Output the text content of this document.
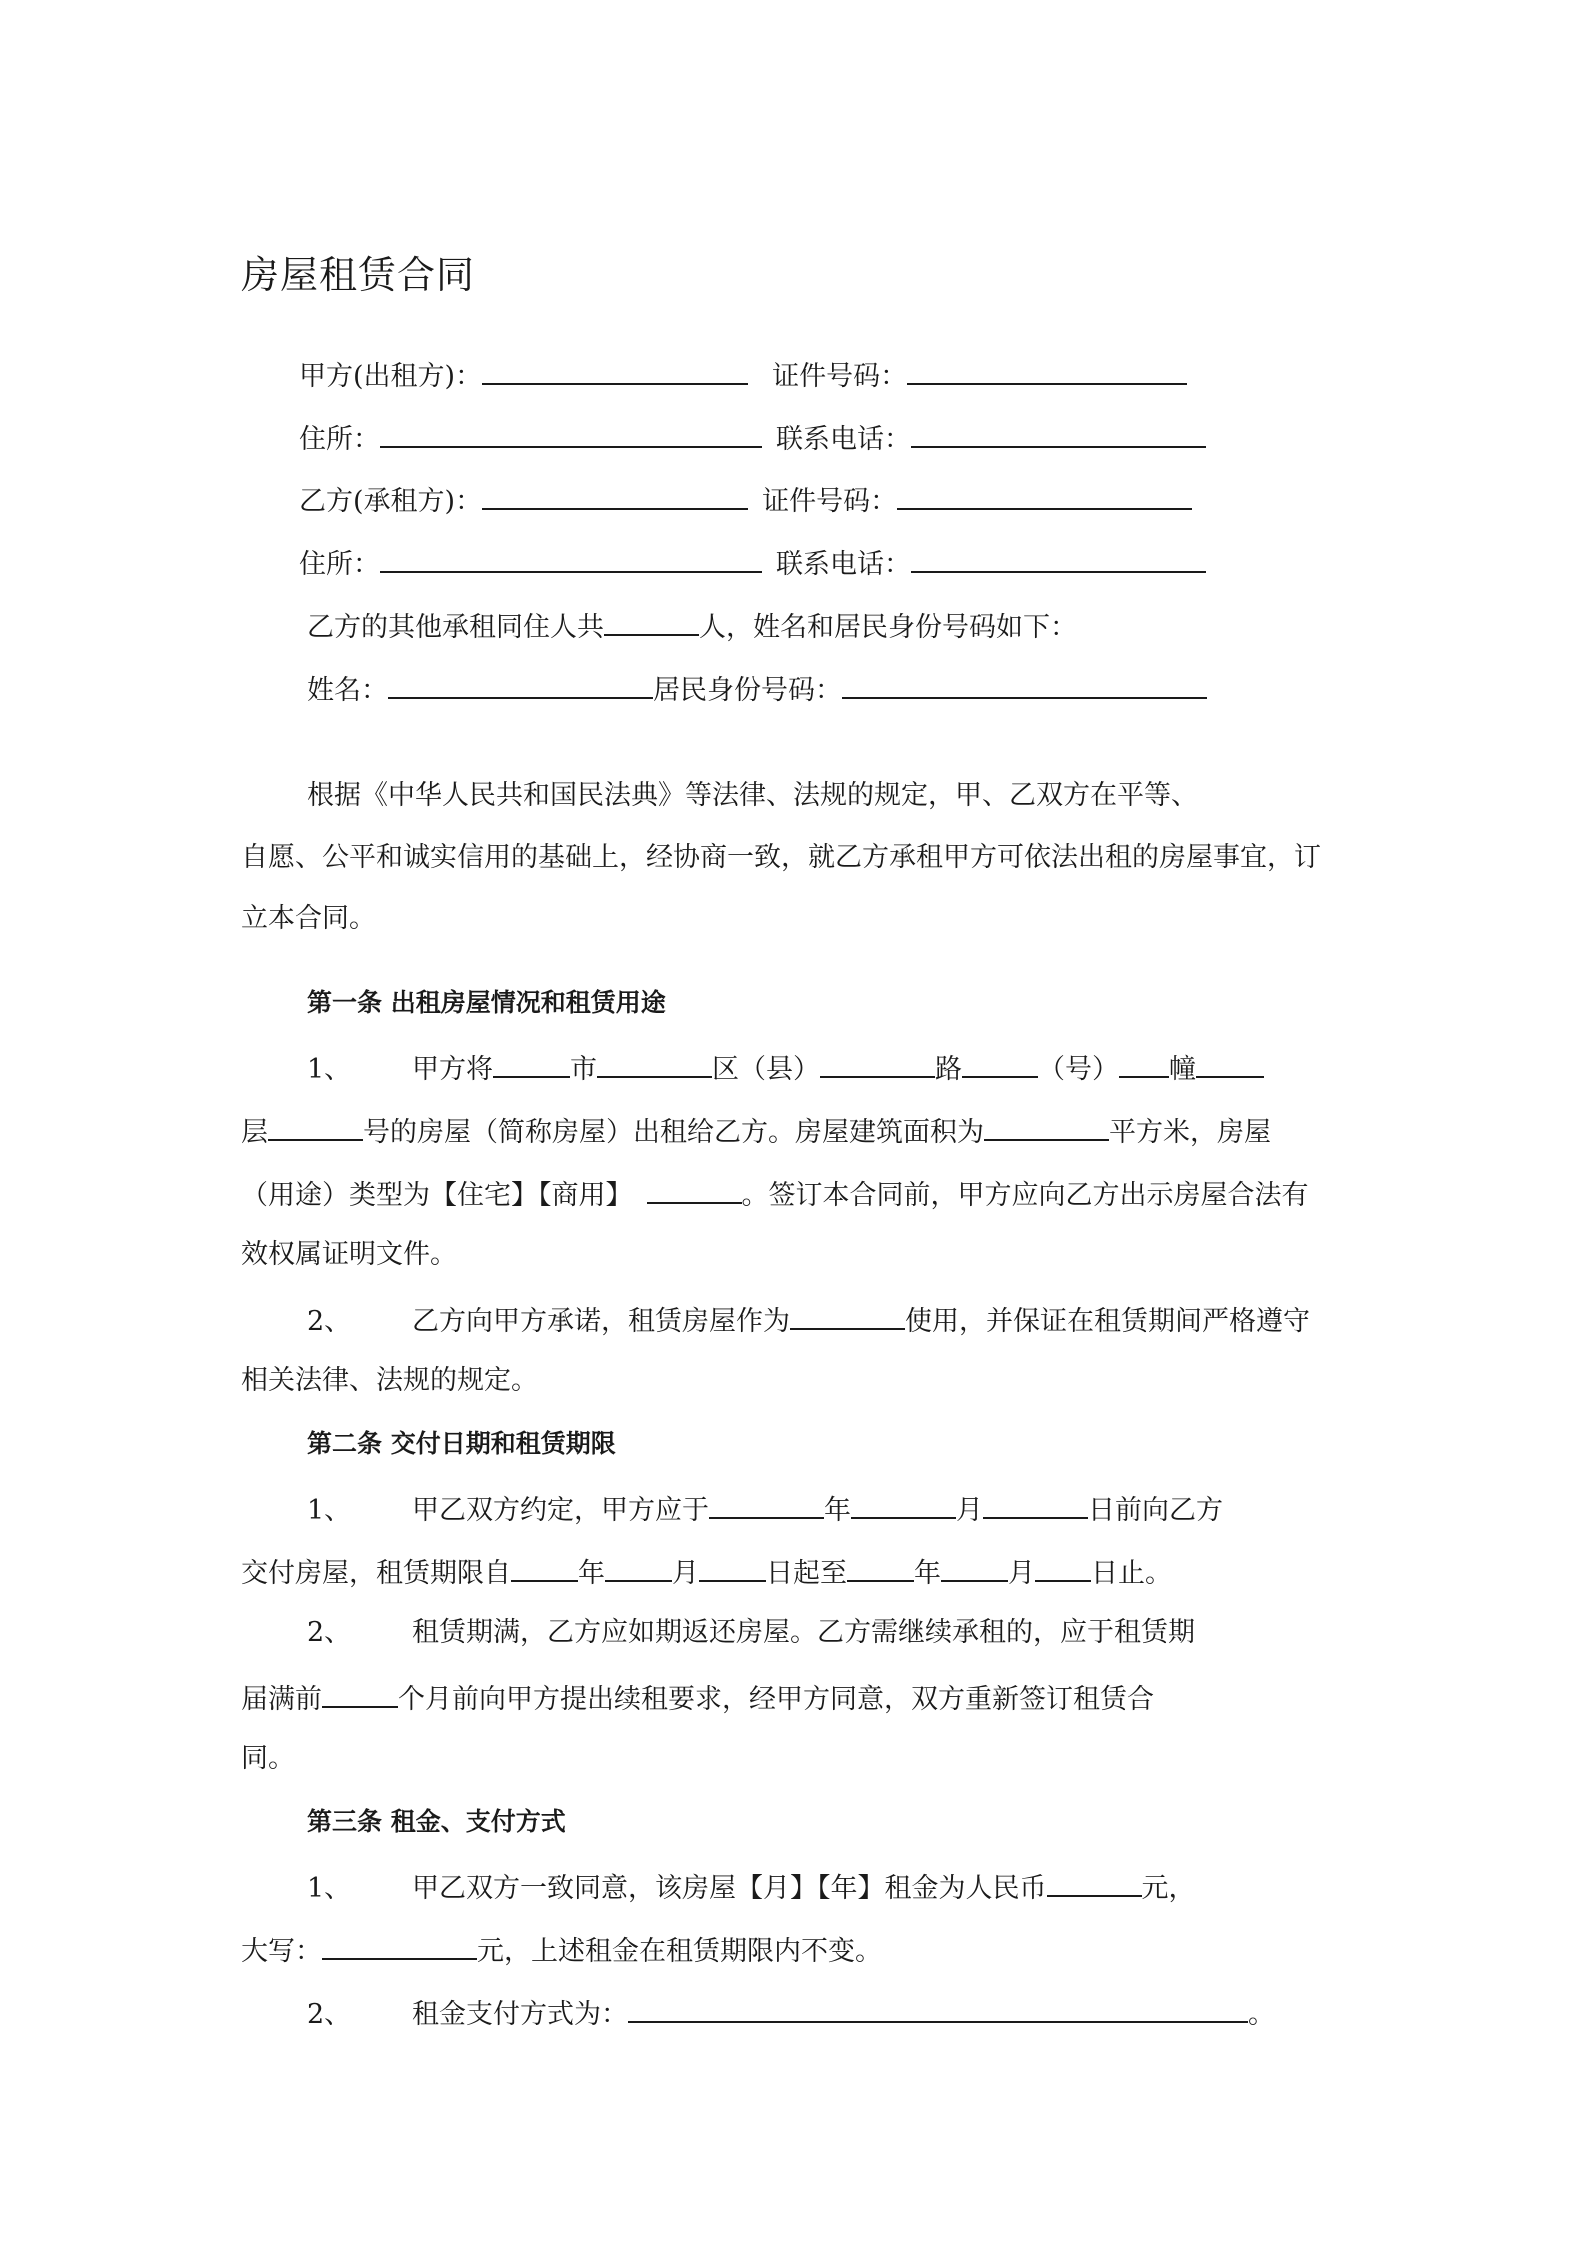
房屋租赁合同
甲方(出租方)：	证件号码：
住所：	联系电话：
乙方(承租方)：	证件号码：
住所：	联系电话：
乙方的其他承租同住人共	人，姓名和居民身份号码如下：
姓名：	居民身份号码：
根据《中华人民共和国民法典》等法律、法规的规定，甲、乙双方在平等、
自愿、公平和诚实信用的基础上，经协商一致，就乙方承租甲方可依法出租的房屋事宜，订
立本合同。
第一条 出租房屋情况和租赁用途
1、 甲方将	市	区（县）	路	（号） 幢
层	号的房屋（简称房屋）出租给乙方。房屋建筑面积为	平方米，房屋
（用途）类型为【住宅】【商用】	。签订本合同前，甲方应向乙方出示房屋合法有
效权属证明文件。
2、 乙方向甲方承诺，租赁房屋作为	使用，并保证在租赁期间严格遵守
相关法律、法规的规定。
第二条 交付日期和租赁期限
1、 甲乙双方约定，甲方应于	年	月	日前向乙方
交付房屋，租赁期限自 年 月 日起至 年 月 日止。
2、 租赁期满，乙方应如期返还房屋。乙方需继续承租的，应于租赁期
届满前	个月前向甲方提出续租要求，经甲方同意，双方重新签订租赁合
同。
第三条 租金、支付方式
1、 甲乙双方一致同意，该房屋【月】【年】租金为人民币	元，
大写：	元，上述租金在租赁期限内不变。
2、 租金支付方式为：	。
